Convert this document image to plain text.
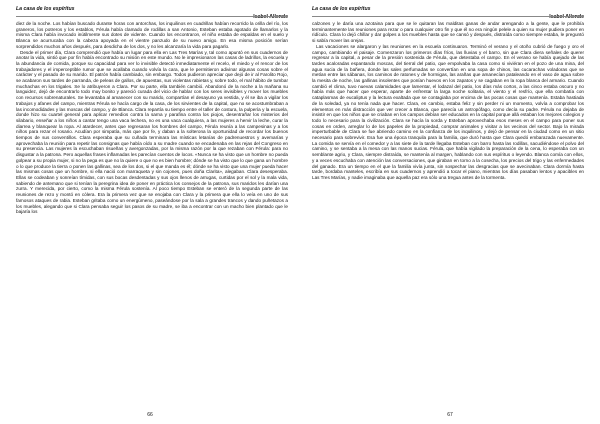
La casa de los espíritus
Isabel Allende

diez de la noche. Los habían buscado durante horas con antorchas, los inquilinos en cuadrillas habían recorrido la orilla del río, los graneros, los potreros y los establos, Férula había clamado de rodillas a san Antonio, Esteban estaba agotado de llamarlos y la misma Clara había invocado inútilmente sus dotes de vidente. Cuando los encontraron, el niño estaba de espaldas en el suelo y Blanca se acurrucaba con la cabeza apoyada en el vientre panzudo de su nuevo amigo. En esa misma posición serían sorprendidos muchos años después, para desdicha de los dos, y no les alcanzaría la vida para pagarlo.

Desde el primer día, Clara comprendió que había un lugar para ella en Las Tres Marías y, tal como apuntó en sus cuadernos de anotar la vida, sintió que por fin había encontrado su misión en este mundo. No le impresionaron las casas de ladrillos, la escuela y la abundancia de comida, porque su capacidad para ver lo invisible detectó inmediatamente el recelo, el miedo y el rencor de los trabajadores y el imperceptible rumor que se acallaba cuando volvía la cara, que le permitieron adivinar algunas cosas sobre el carácter y el pasado de su marido. El patrón había cambiado, sin embargo. Todos pudieron apreciar que dejó de ir al Farolito Rojo, se acabaron sus tardes de parranda, de peleas de gallos, de apuestas, sus violentas rabietas y, sobre todo, el mal hábito de tumbar muchachas en los trigales. Se lo atribuyeron a Clara. Por su parte, ella también cambió. Abandonó de la noche a la mañana su languidez, dejó de encontrarlo todo muy bonito y pareció curada del vicio de hablar con los seres invisibles y mover los muebles con recursos sobrenaturales. Se levantaba al amanecer con su marido, compartían el desayuno ya vestida, y él se iba a vigilar los trabajos y afanes del campo, mientras Férula se hacía cargo de la casa, de los sirvientes de la capital, que no se acostumbraban a las incomodidades y las moscas del campo, y de Blanca. Clara repartía su tiempo entre el taller de costura, la pulpería y la escuela, donde hizo su cuartel general para aplicar remedios contra la sarna y parafina contra los piojos, desentrañar los misterios del silabario, enseñar a los niños a cantar tengo una vaca lechera, no es una vaca cualquiera, a las mujeres a hervir la leche, curar la diarrea y blanquear la ropa. Al atardecer, antes que regresaran los hombres del campo, Férula reunía a las campesinas y a los niños para rezar el rosario. Acudían por simpatía, más que por fe, y daban a la solterona la oportunidad de recordar los buenos tiempos de sus conventillos. Clara esperaba que su cuñada terminara las místicas letanías de padrenuestros y avemarías y aprovechaba la reunión para repetir las consignas que había oído a su madre cuando se encadenaba en las rejas del Congreso en su presencia. Las mujeres la escuchaban risueñas y avergonzadas, por la misma razón por la que rezaban con Férula: para no disgustar a la patrona. Pero aquellas frases inflamadas les parecían cuentos de locos. «Nunca se ha visto que un hombre no pueda golpear a su propia mujer, si no la pega es que no la quiere o que no es bien hombre; dónde se ha visto que lo que gana un hombre o lo que produce la tierra o ponen las gallinas, sea de los dos, si el que manda es él; dónde se ha visto que una mujer pueda hacer las mismas cosas que un hombre, si ella nació con marraqueta y sin cojones, pues doña Clarita», alegaban. Clara desesperaba. Ellas se codeaban y sonreían tímidas, con sus bocas desdentadas y sus ojos llenos de arrugas, curtidas por el sol y la mala vida, sabiendo de antemano que si tenían la peregrina idea de poner en práctica los consejos de la patrona, sus maridos les darían una zurra. Y merecida, por cierto, como la misma Férula sostenía. Al poco tiempo Esteban se enteró de la segunda parte de las reuniones de rezo y montó en cólera. Era la primera vez que se enojaba con Clara y la primera que ella lo veía en uno de sus famosos ataques de rabia. Esteban gritaba como un energúmeno, paseándose por la sala a grandes trancos y dando puñetazos a los muebles, alegando que si Clara pensaba seguir los pasos de su madre, se iba a encontrar con un macho bien plantado que le bajaría los

66
La casa de los espíritus
Isabel Allende

calzones y le daría una azotaina para que se le quitaran las malditas ganas de andar arengando a la gente, que le prohibía terminantemente las reuniones para rezar o para cualquier otro fin y que él no era ningún pelele a quien su mujer pudiera poner en ridículo. Clara lo dejó chillar y dar golpes a los muebles hasta que se cansó y después, distraída como siempre estaba, le preguntó si sabía mover las orejas.

Las vacaciones se alargaron y las reuniones en la escuela continuaron. Terminó el verano y el otoño cubrió de fuego y oro el campo, cambiando el paisaje. Comenzaron los primeros días fríos, las lluvias y el barro, sin que Clara diera señales de querer regresar a la capital, a pesar de la presión sostenida de Férula, que detestaba el campo. En el verano se había quejado de las tardes acaloradas espantando moscas, del tierral del patio, que empolvaba la casa como si viviéran en el pozo de una mina, del agua sucia de la bañera, donde las sales perfumadas se convertían en una sopa de chinos, las cucarachas voladoras que se metían entre las sábanas, los caminos de ratones y de hormigas, las arañas que amanecían pataleando en el vaso de agua sobre la mesita de noche, las gallinas insolentes que ponían huevos en los zapatos y se cagaban en la ropa blanca del armario. Cuando cambió el clima, tuvo nuevas calamidades que lamentar, el lodazal del patio, los días más cortos, a las cinco estaba oscuro y no había más que hacer que esperar, aparte de enfrentar la larga noche solitaria, el viento y el resfrío, que ella combatía con cataplasmas de eucaliptus y la lectura exaltada que se contagiaba por encima de las pocas cosas que mantenía. Estaba hastiada de la soledad, ya no tenía nada que hacer. Clara, en cambio, estaba feliz y sin perder ni un momento, volvía a comprobar los elementos en más distracción que ver crecer a Blanca, que parecía un antropófago, como decía su padre. Férula no dejaba de insistir en que los niños que se criaban en los campos debían ser educados en la capital porque allá estaban los mejores colegios y todo lo necesario para la civilización. Clara se hacía la sorda y Esteban aprovechaba esos meses en el campo para poner sus cosas en orden, arreglar lo de los papeles de la propiedad, comprar animales y visitar a los vecinos del sector. Bajo la mirada imperturbable de Clara se fue abriendo camino en la confianza de los inquilinos, y dejó de pensar en la ciudad como en un sitio necesario para sobrevivir. Esa fue una época tranquila para la familia, que duró hasta que Clara quedó embarazada nuevamente. La comida se servía en el comedor y a las siete de la tarde llegaba Esteban con barro hasta las rodillas, sacudiéndose el polvo del camino, y se sentaba a la mesa con las manos sucias. Férula, que había vigilado la preparación de la cena, lo esperaba con un semblante agrio, y Clara, siempre distraída, se mantenía al margen, hablando con sus espíritus o leyendo. Blanca comía con ellos, y a veces escuchaba con atención las conversaciones, que giraban en torno a la cosecha, los precios del trigo y las enfermedades del ganado. Era un tiempo en el que la familia vivía junta, sin sospechar las desgracias que se avecinaban. Clara dormía hasta tarde, bordaba manteles, escribía en sus cuadernos y aprendió a tocar el piano, mientras los días pasaban lentos y apacibles en Las Tres Marías, y nadie imaginaba que aquella paz era sólo una tregua antes de la tormenta.

67
